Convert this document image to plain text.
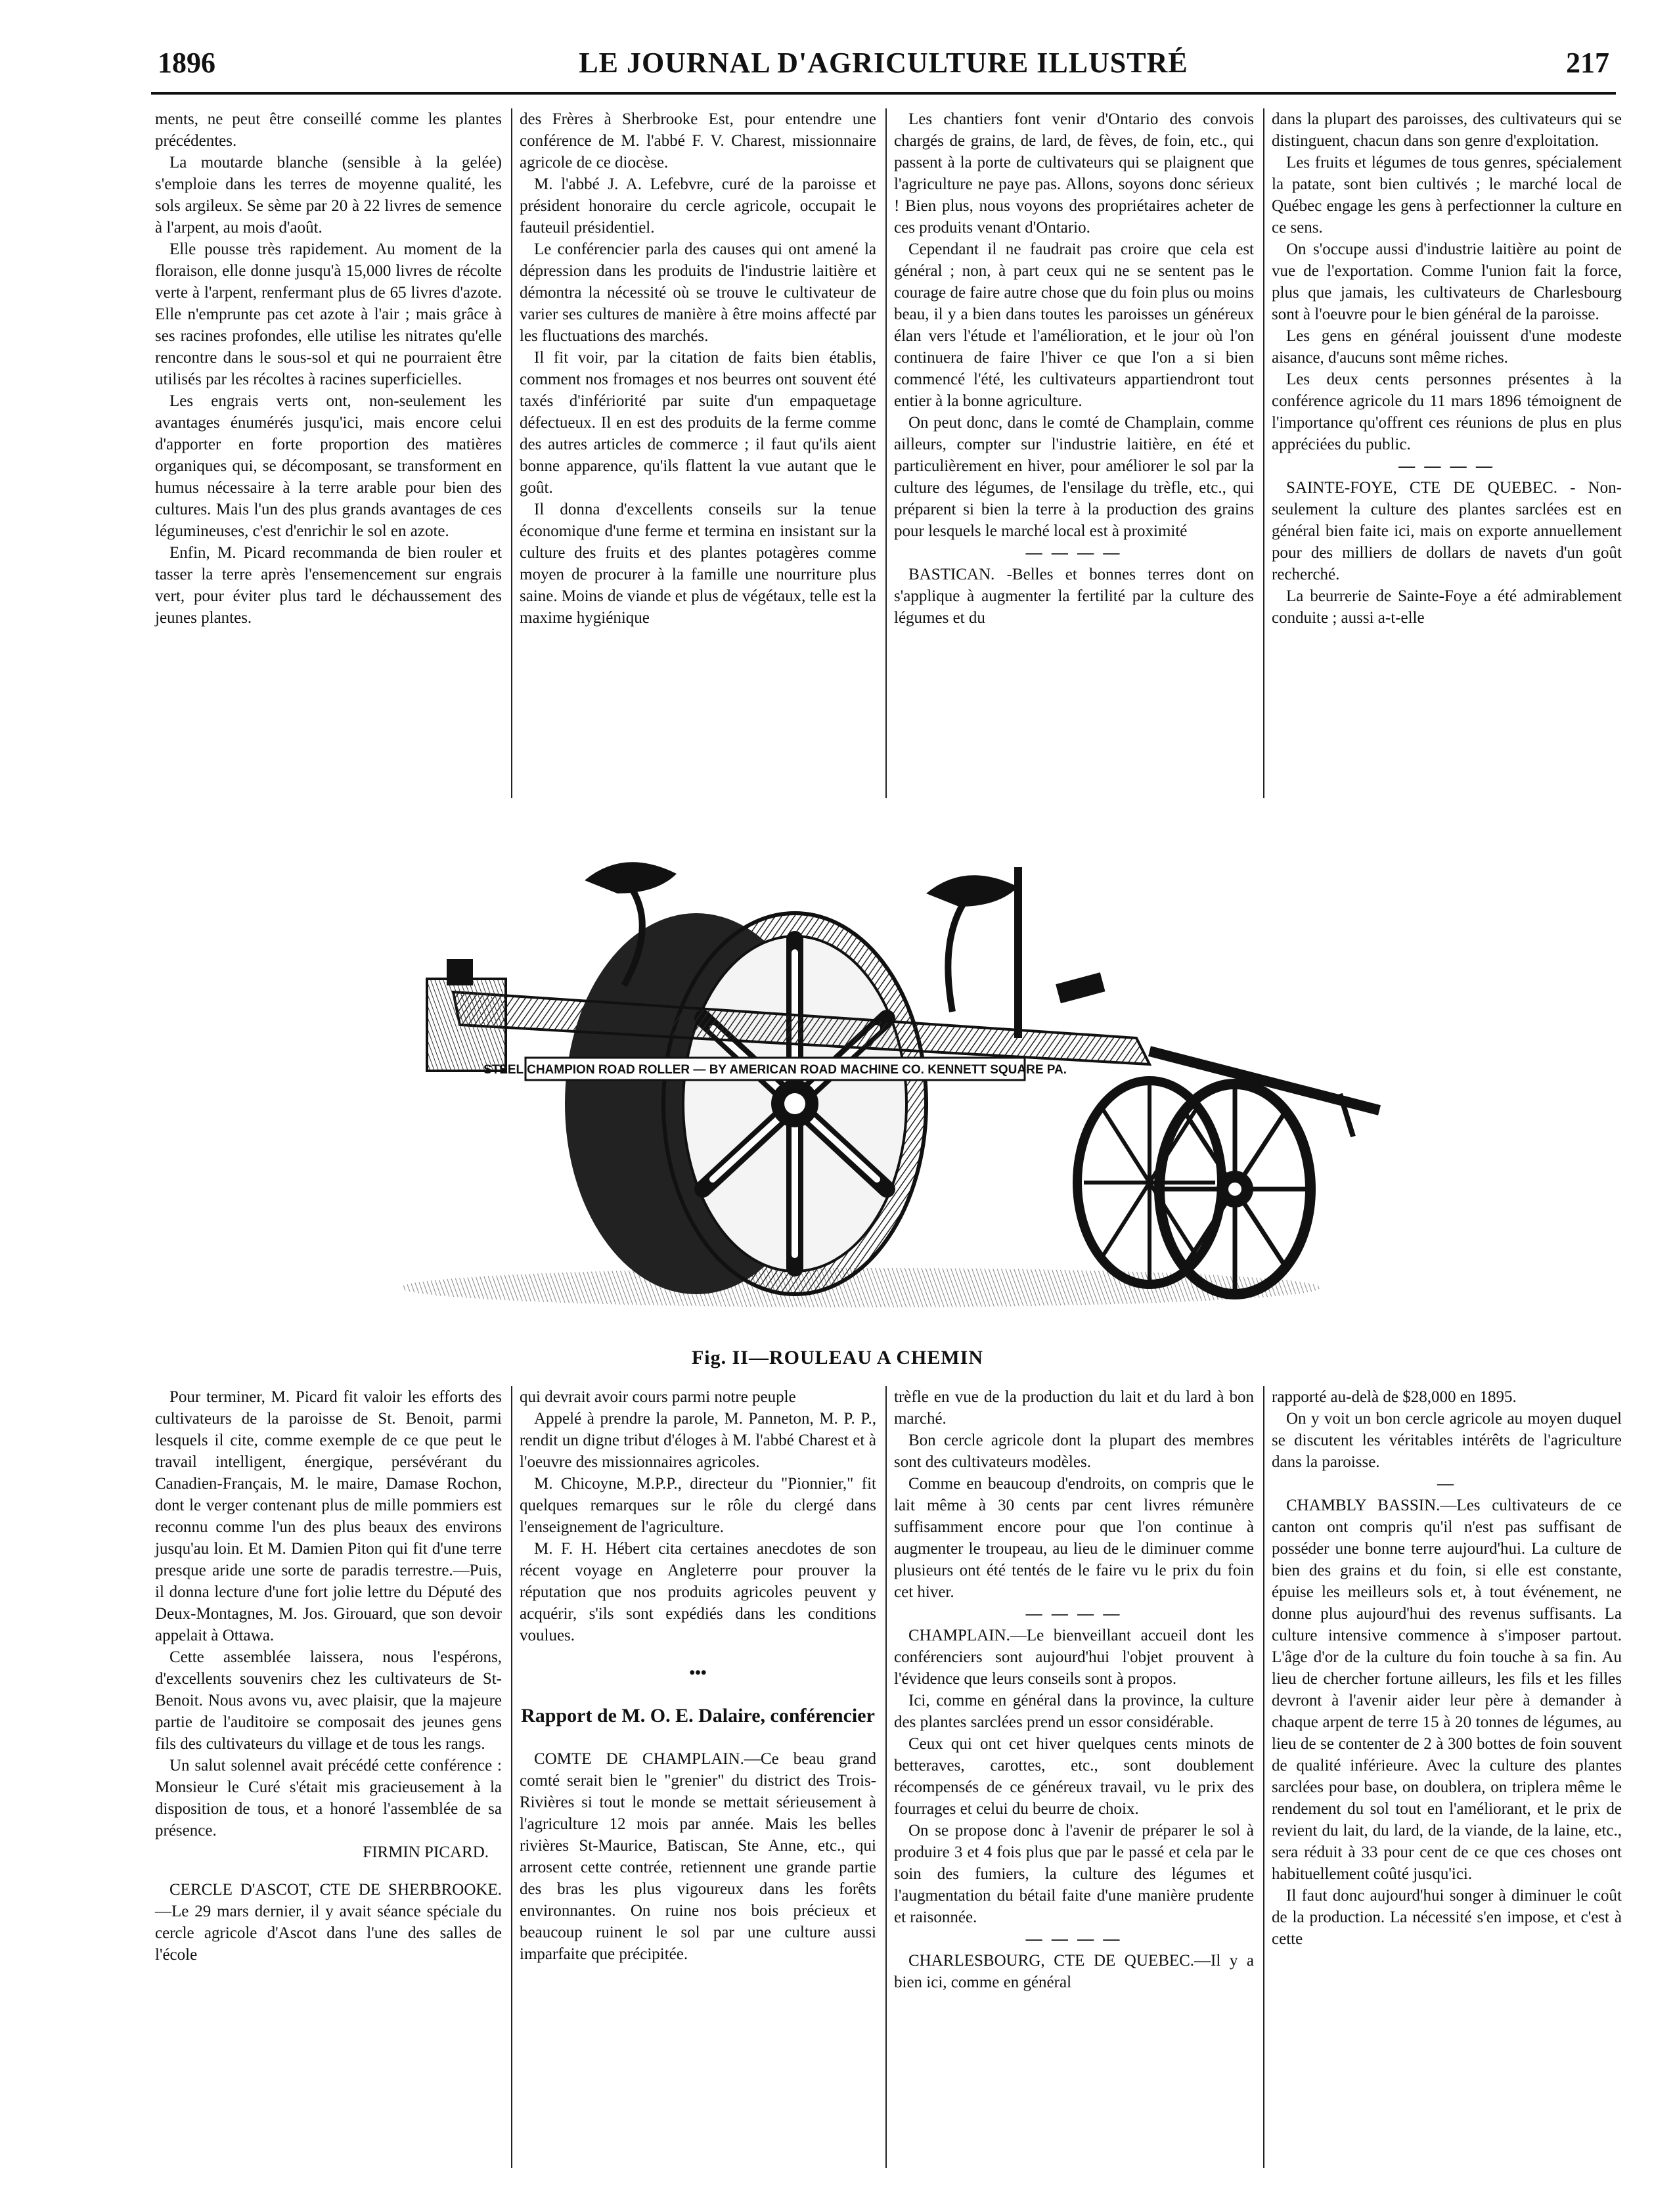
1896	LE JOURNAL D'AGRICULTURE ILLUSTRÉ	217

ments, ne peut être conseillé comme les plantes précédentes.

La moutarde blanche (sensible à la gelée) s'emploie dans les terres de moyenne qualité, les sols argileux. Se sème par 20 à 22 livres de semence à l'arpent, au mois d'août.

Elle pousse très rapidement. Au moment de la floraison, elle donne jusqu'à 15,000 livres de récolte verte à l'arpent, renfermant plus de 65 livres d'azote. Elle n'emprunte pas cet azote à l'air ; mais grâce à ses racines profondes, elle utilise les nitrates qu'elle rencontre dans le sous-sol et qui ne pourraient être utilisés par les récoltes à racines superficielles.

Les engrais verts ont, non-seulement les avantages énumérés jusqu'ici, mais encore celui d'apporter en forte proportion des matières organiques qui, se décomposant, se transforment en humus nécessaire à la terre arable pour bien des cultures. Mais l'un des plus grands avantages de ces légumineuses, c'est d'enrichir le sol en azote.

Enfin, M. Picard recommanda de bien rouler et tasser la terre après l'ensemencement sur engrais vert, pour éviter plus tard le déchaussement des jeunes plantes.

des Frères à Sherbrooke Est, pour entendre une conférence de M. l'abbé F. V. Charest, missionnaire agricole de ce diocèse.

M. l'abbé J. A. Lefebvre, curé de la paroisse et président honoraire du cercle agricole, occupait le fauteuil présidentiel.

Le conférencier parla des causes qui ont amené la dépression dans les produits de l'industrie laitière et démontra la nécessité où se trouve le cultivateur de varier ses cultures de manière à être moins affecté par les fluctuations des marchés.

Il fit voir, par la citation de faits bien établis, comment nos fromages et nos beurres ont souvent été taxés d'infériorité par suite d'un empaquetage défectueux. Il en est des produits de la ferme comme des autres articles de commerce ; il faut qu'ils aient bonne apparence, qu'ils flattent la vue autant que le goût.

Il donna d'excellents conseils sur la tenue économique d'une ferme et termina en insistant sur la culture des fruits et des plantes potagères comme moyen de procurer à la famille une nourriture plus saine. Moins de viande et plus de végétaux, telle est la maxime hygiénique

Les chantiers font venir d'Ontario des convois chargés de grains, de lard, de fèves, de foin, etc., qui passent à la porte de cultivateurs qui se plaignent que l'agriculture ne paye pas. Allons, soyons donc sérieux ! Bien plus, nous voyons des propriétaires acheter de ces produits venant d'Ontario.

Cependant il ne faudrait pas croire que cela est général ; non, à part ceux qui ne se sentent pas le courage de faire autre chose que du foin plus ou moins beau, il y a bien dans toutes les paroisses un généreux élan vers l'étude et l'amélioration, et le jour où l'on continuera de faire l'hiver ce que l'on a si bien commencé l'été, les cultivateurs appartiendront tout entier à la bonne agriculture.

On peut donc, dans le comté de Champlain, comme ailleurs, compter sur l'industrie laitière, en été et particulièrement en hiver, pour améliorer le sol par la culture des légumes, de l'ensilage du trèfle, etc., qui préparent si bien la terre à la production des grains pour lesquels le marché local est à proximité

— — — —

BASTICAN. -Belles et bonnes terres dont on s'applique à augmenter la fertilité par la culture des légumes et du

dans la plupart des paroisses, des cultivateurs qui se distinguent, chacun dans son genre d'exploitation.

Les fruits et légumes de tous genres, spécialement la patate, sont bien cultivés ; le marché local de Québec engage les gens à perfectionner la culture en ce sens.

On s'occupe aussi d'industrie laitière au point de vue de l'exportation. Comme l'union fait la force, plus que jamais, les cultivateurs de Charlesbourg sont à l'oeuvre pour le bien général de la paroisse.

Les gens en général jouissent d'une modeste aisance, d'aucuns sont même riches.

Les deux cents personnes présentes à la conférence agricole du 11 mars 1896 témoignent de l'importance qu'offrent ces réunions de plus en plus appréciées du public.

— — — —

SAINTE-FOYE, CTE DE QUEBEC. - Non-seulement la culture des plantes sarclées est en général bien faite ici, mais on exporte annuellement pour des milliers de dollars de navets d'un goût recherché.

La beurrerie de Sainte-Foye a été admirablement conduite ; aussi a-t-elle

STEEL CHAMPION ROAD ROLLER — BY AMERICAN ROAD MACHINE CO. KENNETT SQUARE PA.
Fig. II—ROULEAU A CHEMIN

Pour terminer, M. Picard fit valoir les efforts des cultivateurs de la paroisse de St. Benoit, parmi lesquels il cite, comme exemple de ce que peut le travail intelligent, énergique, persévérant du Canadien-Français, M. le maire, Damase Rochon, dont le verger contenant plus de mille pommiers est reconnu comme l'un des plus beaux des environs jusqu'au loin. Et M. Damien Piton qui fit d'une terre presque aride une sorte de paradis terrestre.—Puis, il donna lecture d'une fort jolie lettre du Député des Deux-Montagnes, M. Jos. Girouard, que son devoir appelait à Ottawa.

Cette assemblée laissera, nous l'espérons, d'excellents souvenirs chez les cultivateurs de St-Benoit. Nous avons vu, avec plaisir, que la majeure partie de l'auditoire se composait des jeunes gens fils des cultivateurs du village et de tous les rangs.

Un salut solennel avait précédé cette conférence : Monsieur le Curé s'était mis gracieusement à la disposition de tous, et a honoré l'assemblée de sa présence.

FIRMIN PICARD.

CERCLE D'ASCOT, CTE DE SHERBROOKE.—Le 29 mars dernier, il y avait séance spéciale du cercle agricole d'Ascot dans l'une des salles de l'école

qui devrait avoir cours parmi notre peuple

Appelé à prendre la parole, M. Panneton, M. P. P., rendit un digne tribut d'éloges à M. l'abbé Charest et à l'oeuvre des missionnaires agricoles.

M. Chicoyne, M.P.P., directeur du "Pionnier," fit quelques remarques sur le rôle du clergé dans l'enseignement de l'agriculture.

M. F. H. Hébert cita certaines anecdotes de son récent voyage en Angleterre pour prouver la réputation que nos produits agricoles peuvent y acquérir, s'ils sont expédiés dans les conditions voulues.

•••

Rapport de M. O. E. Dalaire, conférencier

COMTE DE CHAMPLAIN.—Ce beau grand comté serait bien le "grenier" du district des Trois-Rivières si tout le monde se mettait sérieusement à l'agriculture 12 mois par année. Mais les belles rivières St-Maurice, Batiscan, Ste Anne, etc., qui arrosent cette contrée, retiennent une grande partie des bras les plus vigoureux dans les forêts environnantes. On ruine nos bois précieux et beaucoup ruinent le sol par une culture aussi imparfaite que précipitée.

trèfle en vue de la production du lait et du lard à bon marché.

Bon cercle agricole dont la plupart des membres sont des cultivateurs modèles.

Comme en beaucoup d'endroits, on compris que le lait même à 30 cents par cent livres rémunère suffisamment encore pour que l'on continue à augmenter le troupeau, au lieu de le diminuer comme plusieurs ont été tentés de le faire vu le prix du foin cet hiver.

— — — —

CHAMPLAIN.—Le bienveillant accueil dont les conférenciers sont aujourd'hui l'objet prouvent à l'évidence que leurs conseils sont à propos.

Ici, comme en général dans la province, la culture des plantes sarclées prend un essor considérable.

Ceux qui ont cet hiver quelques cents minots de betteraves, carottes, etc., sont doublement récompensés de ce généreux travail, vu le prix des fourrages et celui du beurre de choix.

On se propose donc à l'avenir de préparer le sol à produire 3 et 4 fois plus que par le passé et cela par le soin des fumiers, la culture des légumes et l'augmentation du bétail faite d'une manière prudente et raisonnée.

— — — —

CHARLESBOURG, CTE DE QUEBEC.—Il y a bien ici, comme en général

rapporté au-delà de $28,000 en 1895.

On y voit un bon cercle agricole au moyen duquel se discutent les véritables intérêts de l'agriculture dans la paroisse.

—

CHAMBLY BASSIN.—Les cultivateurs de ce canton ont compris qu'il n'est pas suffisant de posséder une bonne terre aujourd'hui. La culture de bien des grains et du foin, si elle est constante, épuise les meilleurs sols et, à tout événement, ne donne plus aujourd'hui des revenus suffisants. La culture intensive commence à s'imposer partout. L'âge d'or de la culture du foin touche à sa fin. Au lieu de chercher fortune ailleurs, les fils et les filles devront à l'avenir aider leur père à demander à chaque arpent de terre 15 à 20 tonnes de légumes, au lieu de se contenter de 2 à 300 bottes de foin souvent de qualité inférieure. Avec la culture des plantes sarclées pour base, on doublera, on triplera même le rendement du sol tout en l'améliorant, et le prix de revient du lait, du lard, de la viande, de la laine, etc., sera réduit à 33 pour cent de ce que ces choses ont habituellement coûté jusqu'ici.

Il faut donc aujourd'hui songer à diminuer le coût de la production. La nécessité s'en impose, et c'est à cette
